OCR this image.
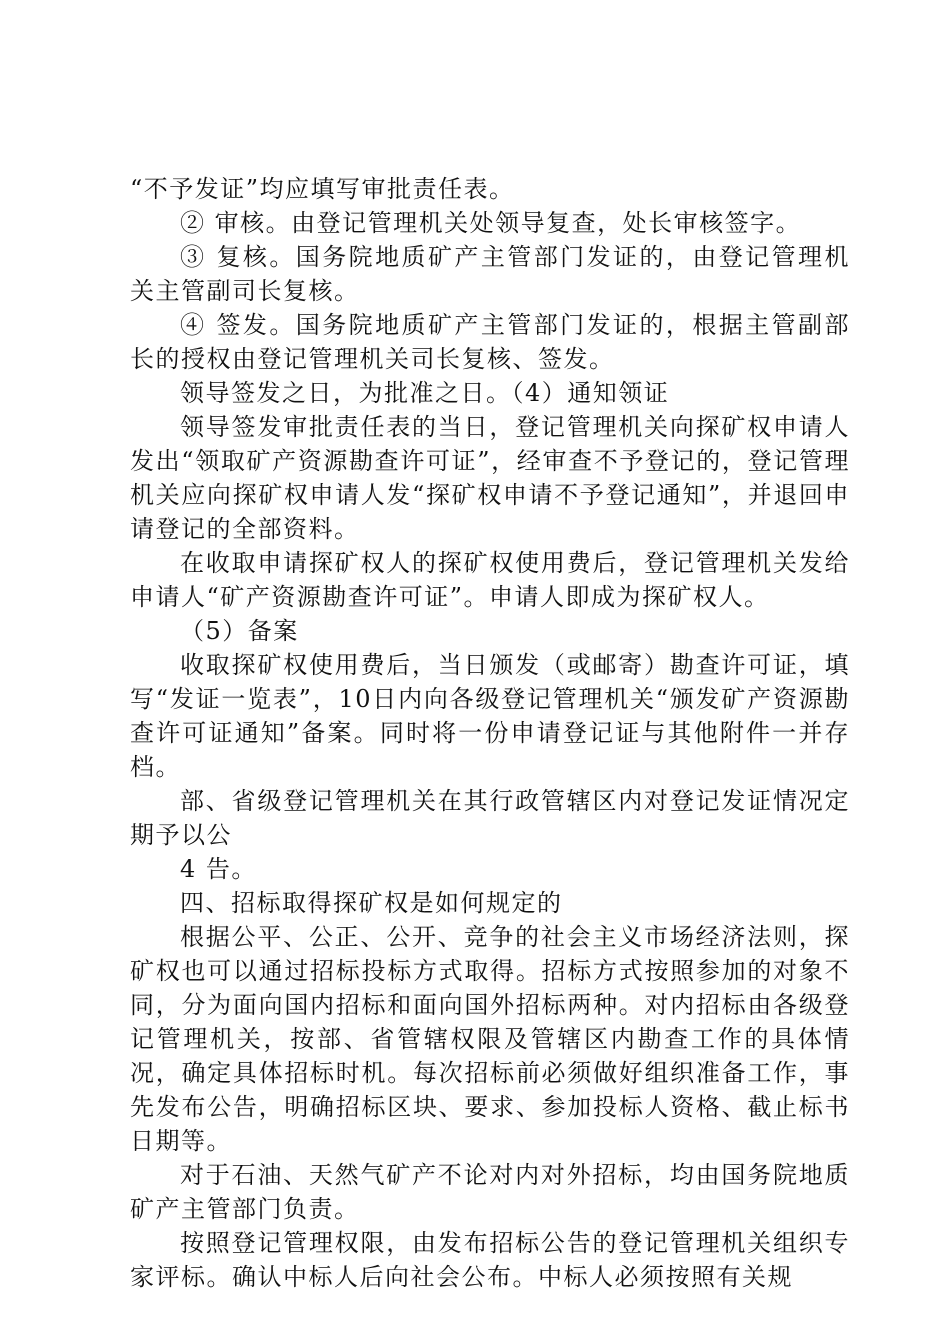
“不予发证”均应填写审批责任表。

② 审核。由登记管理机关处领导复查，处长审核签字。

③ 复核。国务院地质矿产主管部门发证的，由登记管理机关主管副司长复核。

④ 签发。国务院地质矿产主管部门发证的，根据主管副部长的授权由登记管理机关司长复核、签发。

领导签发之日，为批准之日。（4）通知领证

领导签发审批责任表的当日，登记管理机关向探矿权申请人发出“领取矿产资源勘查许可证”，经审查不予登记的，登记管理机关应向探矿权申请人发“探矿权申请不予登记通知”，并退回申请登记的全部资料。

在收取申请探矿权人的探矿权使用费后，登记管理机关发给申请人“矿产资源勘查许可证”。申请人即成为探矿权人。

（5）备案

收取探矿权使用费后，当日颁发（或邮寄）勘查许可证，填写“发证一览表”，10日内向各级登记管理机关“颁发矿产资源勘查许可证通知”备案。同时将一份申请登记证与其他附件一并存档。

部、省级登记管理机关在其行政管辖区内对登记发证情况定期予以公

4 告。

四、招标取得探矿权是如何规定的

根据公平、公正、公开、竞争的社会主义市场经济法则，探矿权也可以通过招标投标方式取得。招标方式按照参加的对象不同，分为面向国内招标和面向国外招标两种。对内招标由各级登记管理机关，按部、省管辖权限及管辖区内勘查工作的具体情况，确定具体招标时机。每次招标前必须做好组织准备工作，事先发布公告，明确招标区块、要求、参加投标人资格、截止标书日期等。

对于石油、天然气矿产不论对内对外招标，均由国务院地质矿产主管部门负责。

按照登记管理权限，由发布招标公告的登记管理机关组织专家评标。确认中标人后向社会公布。中标人必须按照有关规
